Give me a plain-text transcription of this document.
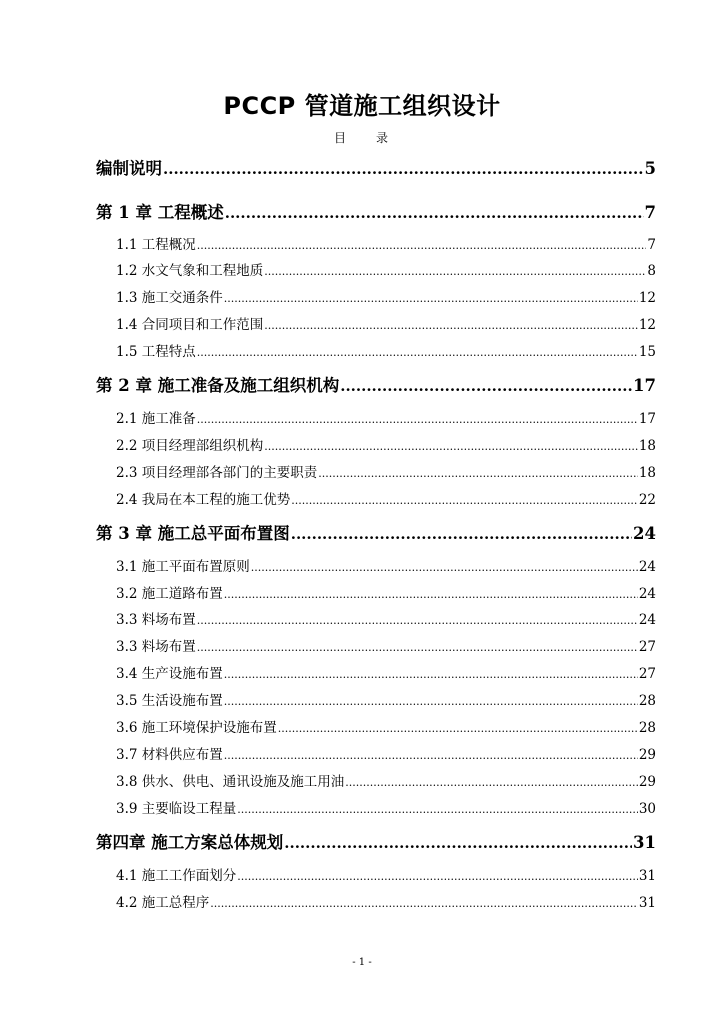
PCCP 管道施工组织设计
目 录
编制说明 .....	5
第 1 章 工程概述 .....	7
1.1 工程概况 .....	7
1.2 水文气象和工程地质 .....	8
1.3 施工交通条件 .....	12
1.4 合同项目和工作范围 .....	12
1.5 工程特点 .....	15
第 2 章 施工准备及施工组织机构 .....	17
2.1 施工准备 .....	17
2.2 项目经理部组织机构 .....	18
2.3 项目经理部各部门的主要职责 .....	18
2.4 我局在本工程的施工优势 .....	22
第 3 章 施工总平面布置图 .....	24
3.1 施工平面布置原则 .....	24
3.2 施工道路布置 .....	24
3.3 料场布置 .....	24
3.3 料场布置 .....	27
3.4 生产设施布置 .....	27
3.5 生活设施布置 .....	28
3.6 施工环境保护设施布置 .....	28
3.7 材料供应布置 .....	29
3.8 供水、供电、通讯设施及施工用油 .....	29
3.9 主要临设工程量 .....	30
第四章 施工方案总体规划 .....	31
4.1 施工工作面划分 .....	31
4.2 施工总程序 .....	31
- 1 -
